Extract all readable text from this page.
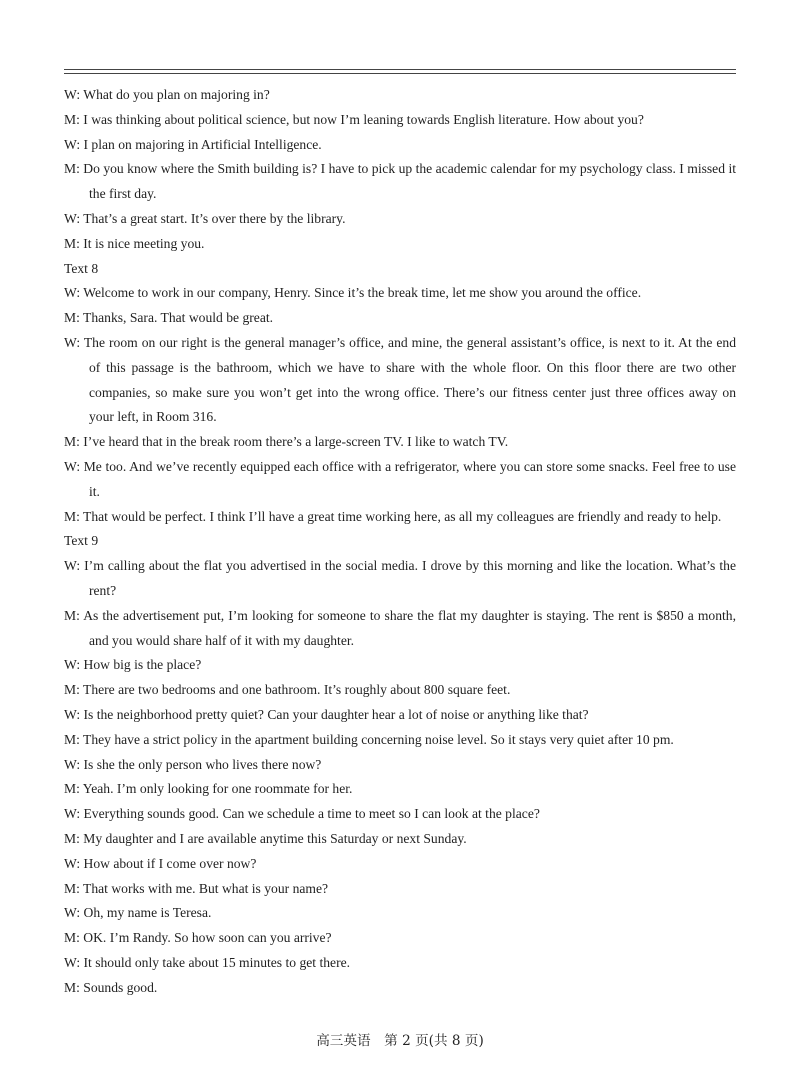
W: What do you plan on majoring in?
M: I was thinking about political science, but now I’m leaning towards English literature. How about you?
W: I plan on majoring in Artificial Intelligence.
M: Do you know where the Smith building is? I have to pick up the academic calendar for my psychology class. I missed it the first day.
W: That’s a great start. It’s over there by the library.
M: It is nice meeting you.
Text 8
W: Welcome to work in our company, Henry. Since it’s the break time, let me show you around the office.
M: Thanks, Sara. That would be great.
W: The room on our right is the general manager’s office, and mine, the general assistant’s office, is next to it. At the end of this passage is the bathroom, which we have to share with the whole floor. On this floor there are two other companies, so make sure you won’t get into the wrong office. There’s our fitness center just three offices away on your left, in Room 316.
M: I’ve heard that in the break room there’s a large-screen TV. I like to watch TV.
W: Me too. And we’ve recently equipped each office with a refrigerator, where you can store some snacks. Feel free to use it.
M: That would be perfect. I think I’ll have a great time working here, as all my colleagues are friendly and ready to help.
Text 9
W: I’m calling about the flat you advertised in the social media. I drove by this morning and like the location. What’s the rent?
M: As the advertisement put, I’m looking for someone to share the flat my daughter is staying. The rent is $850 a month, and you would share half of it with my daughter.
W: How big is the place?
M: There are two bedrooms and one bathroom. It’s roughly about 800 square feet.
W: Is the neighborhood pretty quiet? Can your daughter hear a lot of noise or anything like that?
M: They have a strict policy in the apartment building concerning noise level. So it stays very quiet after 10 pm.
W: Is she the only person who lives there now?
M: Yeah. I’m only looking for one roommate for her.
W: Everything sounds good. Can we schedule a time to meet so I can look at the place?
M: My daughter and I are available anytime this Saturday or next Sunday.
W: How about if I come over now?
M: That works with me. But what is your name?
W: Oh, my name is Teresa.
M: OK. I’m Randy. So how soon can you arrive?
W: It should only take about 15 minutes to get there.
M: Sounds good.
高三英语　第 2 页(共 8 页)
